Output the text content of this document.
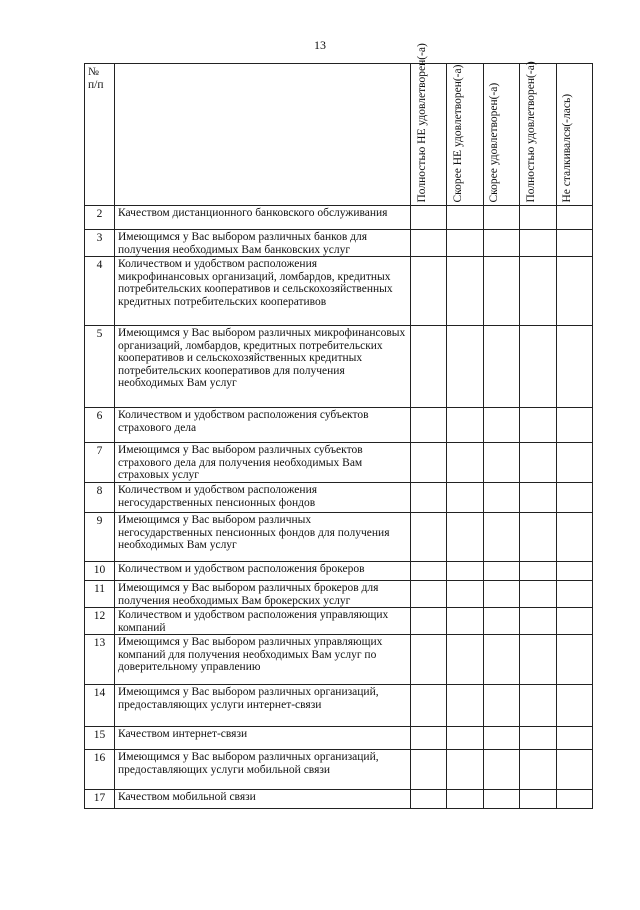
13
№
п/п		Полностью НЕ удовлетворен(-а)	Скорее НЕ удовлетворен(-а)	Скорее удовлетворен(-а)	Полностью удовлетворен(-а)	Не сталкивался(-лась)

2	Качеством дистанционного банковского обслуживания					
3	Имеющимся у Вас выбором различных банков для получения необходимых Вам банковских услуг					
4	Количеством и удобством расположения микрофинансовых организаций, ломбардов, кредитных потребительских кооперативов и сельскохозяйственных кредитных потребительских кооперативов					
5	Имеющимся у Вас выбором различных микрофинансовых организаций, ломбардов, кредитных потребительских кооперативов и сельскохозяйственных кредитных потребительских кооперативов для получения необходимых Вам услуг					
6	Количеством и удобством расположения субъектов страхового дела					
7	Имеющимся у Вас выбором различных субъектов страхового дела для получения необходимых Вам страховых услуг					
8	Количеством и удобством расположения негосударственных пенсионных фондов					
9	Имеющимся у Вас выбором различных негосударственных пенсионных фондов для получения необходимых Вам услуг					
10	Количеством и удобством расположения брокеров					
11	Имеющимся у Вас выбором различных брокеров для получения необходимых Вам брокерских услуг					
12	Количеством и удобством расположения управляющих компаний					
13	Имеющимся у Вас выбором различных управляющих компаний для получения необходимых Вам услуг по доверительному управлению					
14	Имеющимся у Вас выбором различных организаций, предоставляющих услуги интернет-связи					
15	Качеством интернет-связи					
16	Имеющимся у Вас выбором различных организаций, предоставляющих услуги мобильной связи					
17	Качеством мобильной связи					
